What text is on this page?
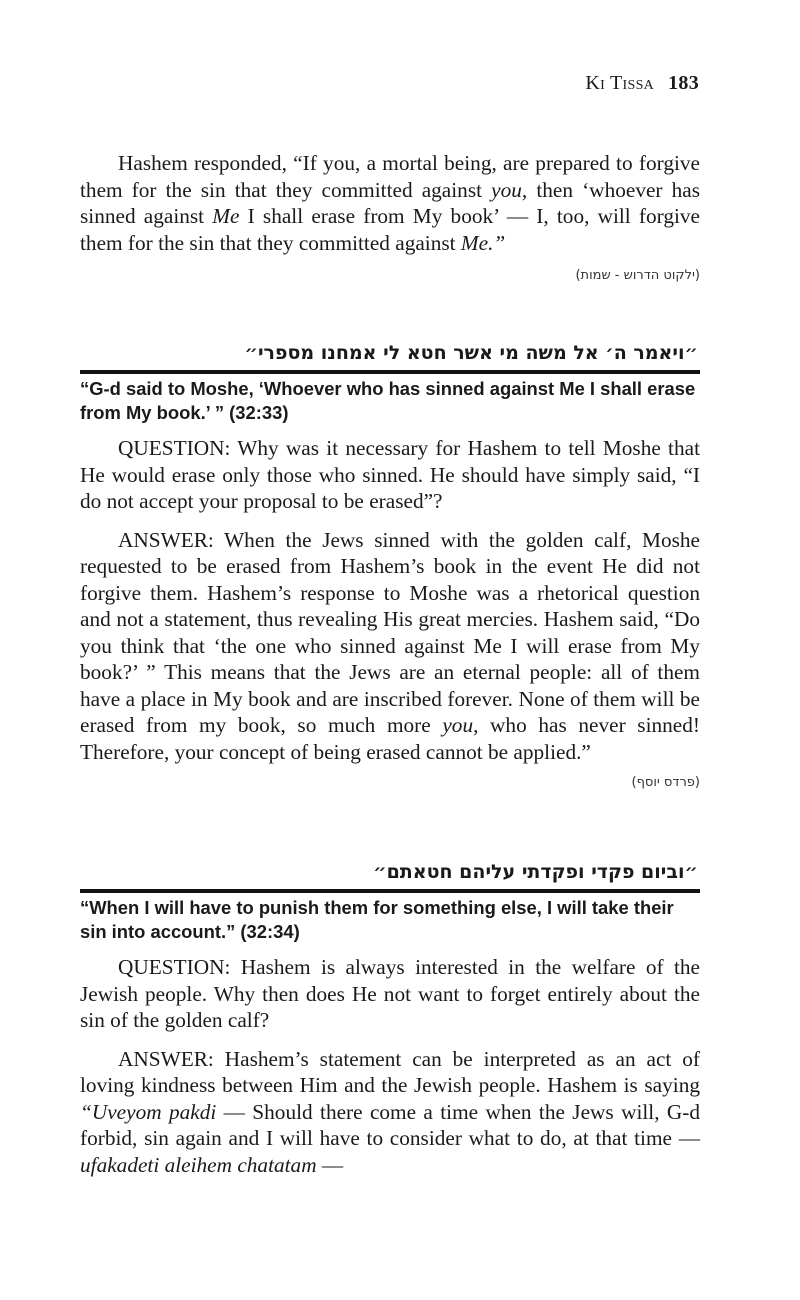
Ki Tissa 183

Hashem responded, “If you, a mortal being, are prepared to forgive them for the sin that they committed against you, then ‘whoever has sinned against Me I shall erase from My book’ — I, too, will forgive them for the sin that they committed against Me.”

(ילקוט הדרוש - שמות)
״ויאמר ה׳ אל משה מי אשר חטא לי אמחנו מספרי״
“G-d said to Moshe, ‘Whoever who has sinned against Me I shall erase from My book.’ ” (32:33)

QUESTION: Why was it necessary for Hashem to tell Moshe that He would erase only those who sinned. He should have simply said, “I do not accept your proposal to be erased”?

ANSWER: When the Jews sinned with the golden calf, Moshe requested to be erased from Hashem’s book in the event He did not forgive them. Hashem’s response to Moshe was a rhetorical question and not a statement, thus revealing His great mercies. Hashem said, “Do you think that ‘the one who sinned against Me I will erase from My book?’ ” This means that the Jews are an eternal people: all of them have a place in My book and are inscribed forever. None of them will be erased from my book, so much more you, who has never sinned! Therefore, your concept of being erased cannot be applied.”

(פרדס יוסף)
״וביום פקדי ופקדתי עליהם חטאתם״
“When I will have to punish them for something else, I will take their sin into account.” (32:34)

QUESTION: Hashem is always interested in the welfare of the Jewish people. Why then does He not want to forget entirely about the sin of the golden calf?

ANSWER: Hashem’s statement can be interpreted as an act of loving kindness between Him and the Jewish people. Hashem is saying “Uveyom pakdi — Should there come a time when the Jews will, G-d forbid, sin again and I will have to consider what to do, at that time — ufakadeti aleihem chatatam —
